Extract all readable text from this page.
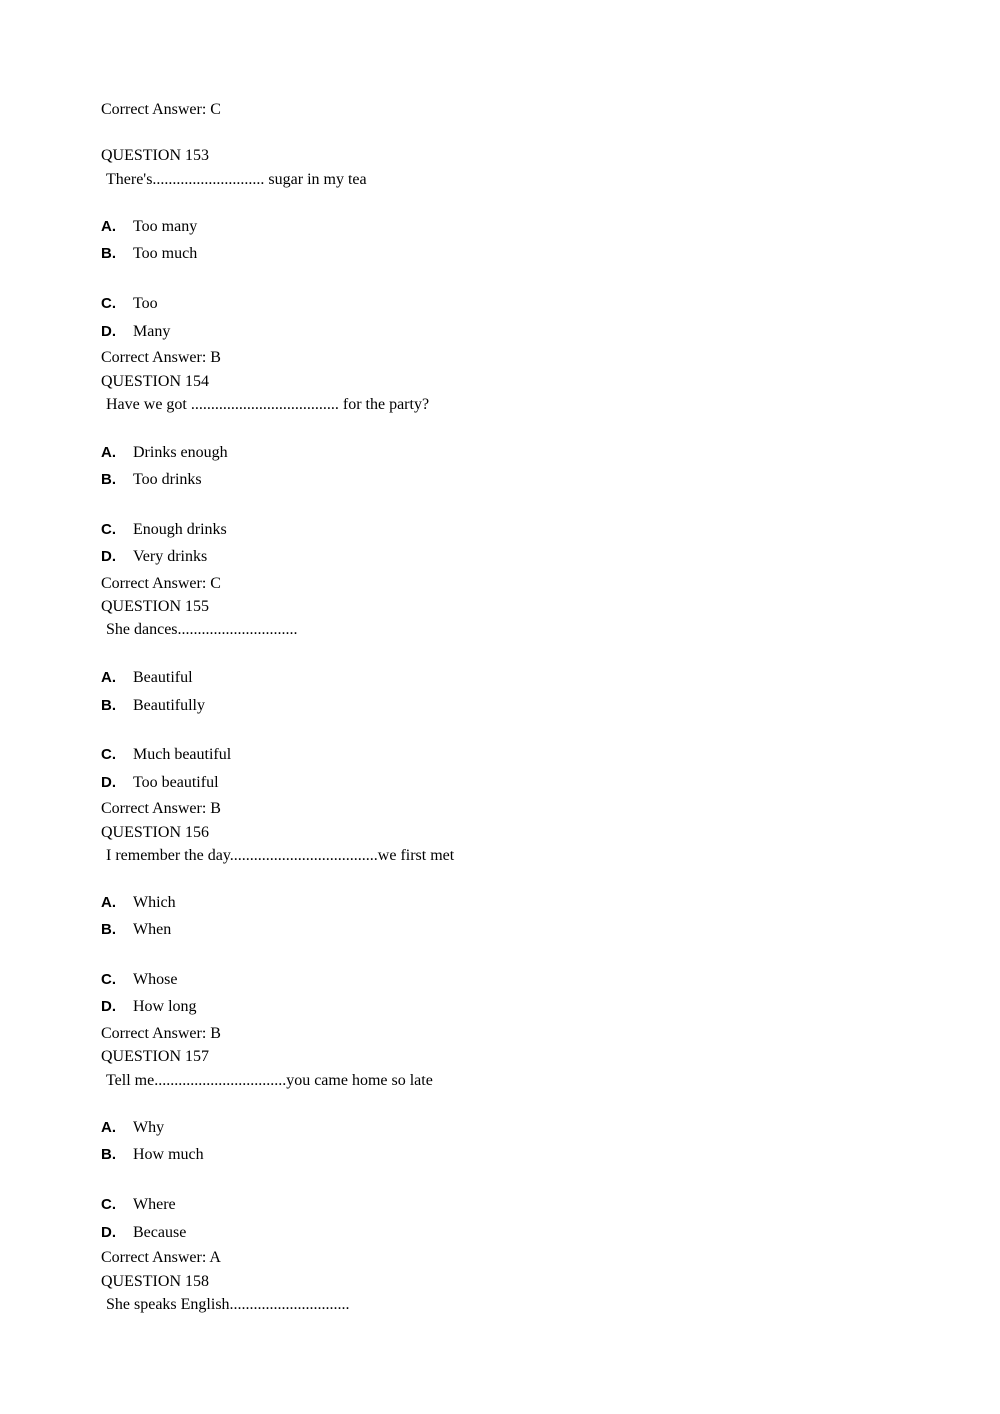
Correct Answer: C
QUESTION 153
There's............................ sugar in my tea
A. Too many
B. Too much
C. Too
D. Many
Correct Answer: B
QUESTION 154
Have we got ..................................... for the party?
A. Drinks enough
B. Too drinks
C. Enough drinks
D. Very drinks
Correct Answer: C
QUESTION 155
She dances..............................
A. Beautiful
B. Beautifully
C. Much beautiful
D. Too beautiful
Correct Answer: B
QUESTION 156
I remember the day.....................................we first met
A. Which
B. When
C. Whose
D. How long
Correct Answer: B
QUESTION 157
Tell me.................................you came home so late
A. Why
B. How much
C. Where
D. Because
Correct Answer: A
QUESTION 158
She speaks English..............................
